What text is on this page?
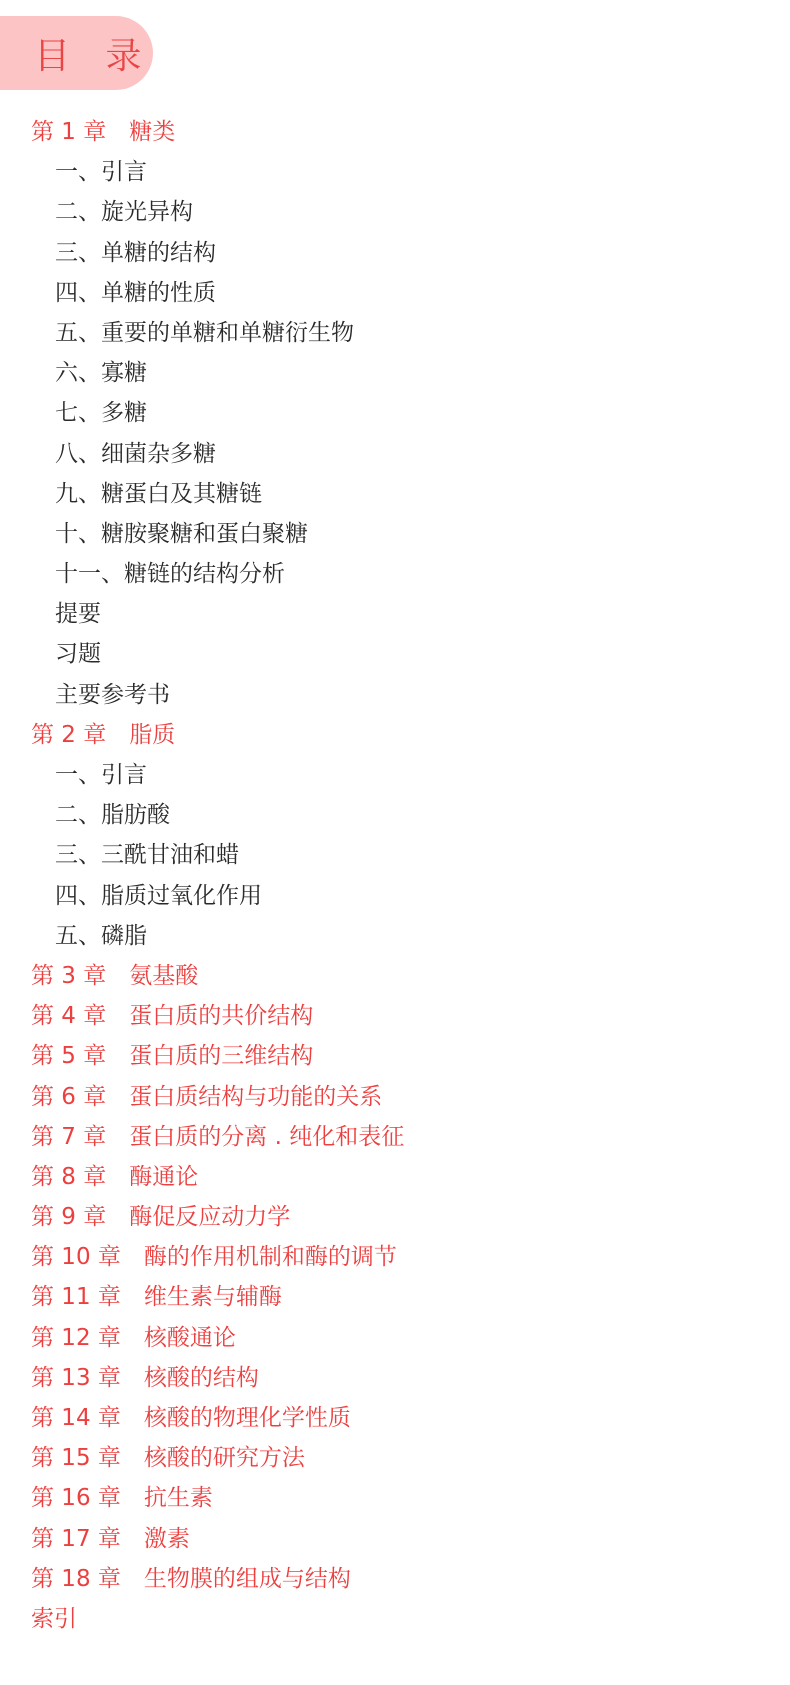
目 录
第 1 章　糖类
一、引言
二、旋光异构
三、单糖的结构
四、单糖的性质
五、重要的单糖和单糖衍生物
六、寡糖
七、多糖
八、细菌杂多糖
九、糖蛋白及其糖链
十、糖胺聚糖和蛋白聚糖
十一、糖链的结构分析
提要
习题
主要参考书
第 2 章　脂质
一、引言
二、脂肪酸
三、三酰甘油和蜡
四、脂质过氧化作用
五、磷脂
第 3 章　氨基酸
第 4 章　蛋白质的共价结构
第 5 章　蛋白质的三维结构
第 6 章　蛋白质结构与功能的关系
第 7 章　蛋白质的分离 . 纯化和表征
第 8 章　酶通论
第 9 章　酶促反应动力学
第 10 章　酶的作用机制和酶的调节
第 11 章　维生素与辅酶
第 12 章　核酸通论
第 13 章　核酸的结构
第 14 章　核酸的物理化学性质
第 15 章　核酸的研究方法
第 16 章　抗生素
第 17 章　激素
第 18 章　生物膜的组成与结构
索引
